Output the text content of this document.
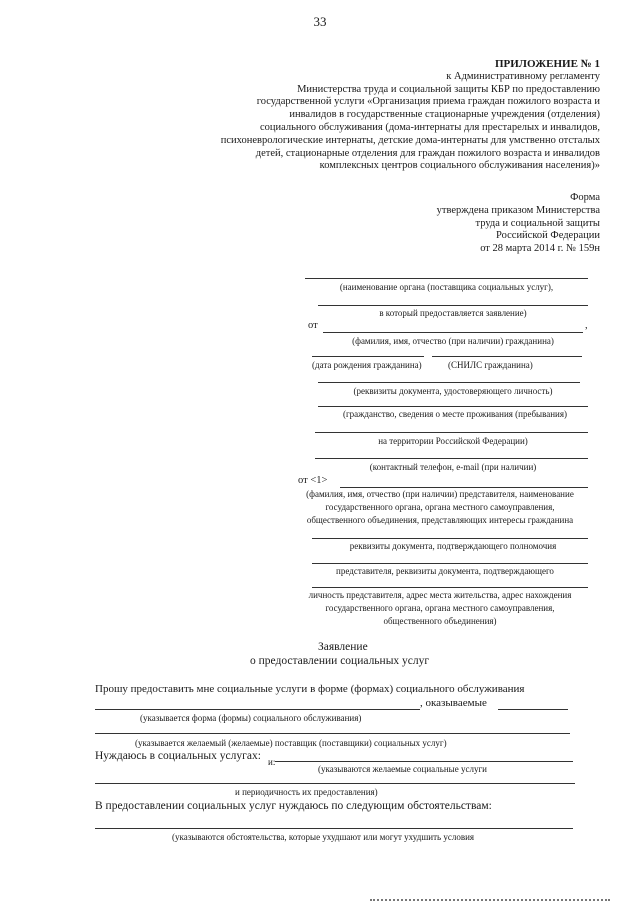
33
ПРИЛОЖЕНИЕ № 1
к Административному регламенту
Министерства труда и социальной защиты КБР по предоставлению
государственной услуги «Организация приема граждан пожилого возраста и
инвалидов в государственные стационарные учреждения (отделения)
социального обслуживания (дома-интернаты для престарелых и инвалидов,
психоневрологические интернаты, детские дома-интернаты для умственно отсталых
детей, стационарные отделения для граждан пожилого возраста и инвалидов
комплексных центров социального обслуживания населения)»
Форма
утверждена приказом Министерства
труда и социальной защиты
Российской Федерации
от 28 марта 2014 г. № 159н
(наименование органа (поставщика социальных услуг),
в который предоставляется заявление)
от	,
(фамилия, имя, отчество (при наличии) гражданина)
(дата рождения гражданина)	(СНИЛС гражданина)
(реквизиты документа, удостоверяющего личность)
(гражданство, сведения о месте проживания (пребывания)
на территории Российской Федерации)
(контактный телефон, e-mail (при наличии)
от <1>
(фамилия, имя, отчество (при наличии) представителя, наименование
государственного органа, органа местного самоуправления,
общественного объединения, представляющих интересы гражданина
реквизиты документа, подтверждающего полномочия
представителя, реквизиты документа, подтверждающего
личность представителя, адрес места жительства, адрес нахождения
государственного органа, органа местного самоуправления,
общественного объединения)
Заявление
о предоставлении социальных услуг
Прошу предоставить мне социальные услуги в форме (формах) социального обслуживания
, оказываемые
(указывается форма (формы) социального обслуживания)
(указывается желаемый (желаемые) поставщик (поставщики) социальных услуг)
Нуждаюсь в социальных услугах: и:
(указываются желаемые социальные услуги
и периодичность их предоставления)
В предоставлении социальных услуг нуждаюсь по следующим обстоятельствам:
(указываются обстоятельства, которые ухудшают или могут ухудшить условия
